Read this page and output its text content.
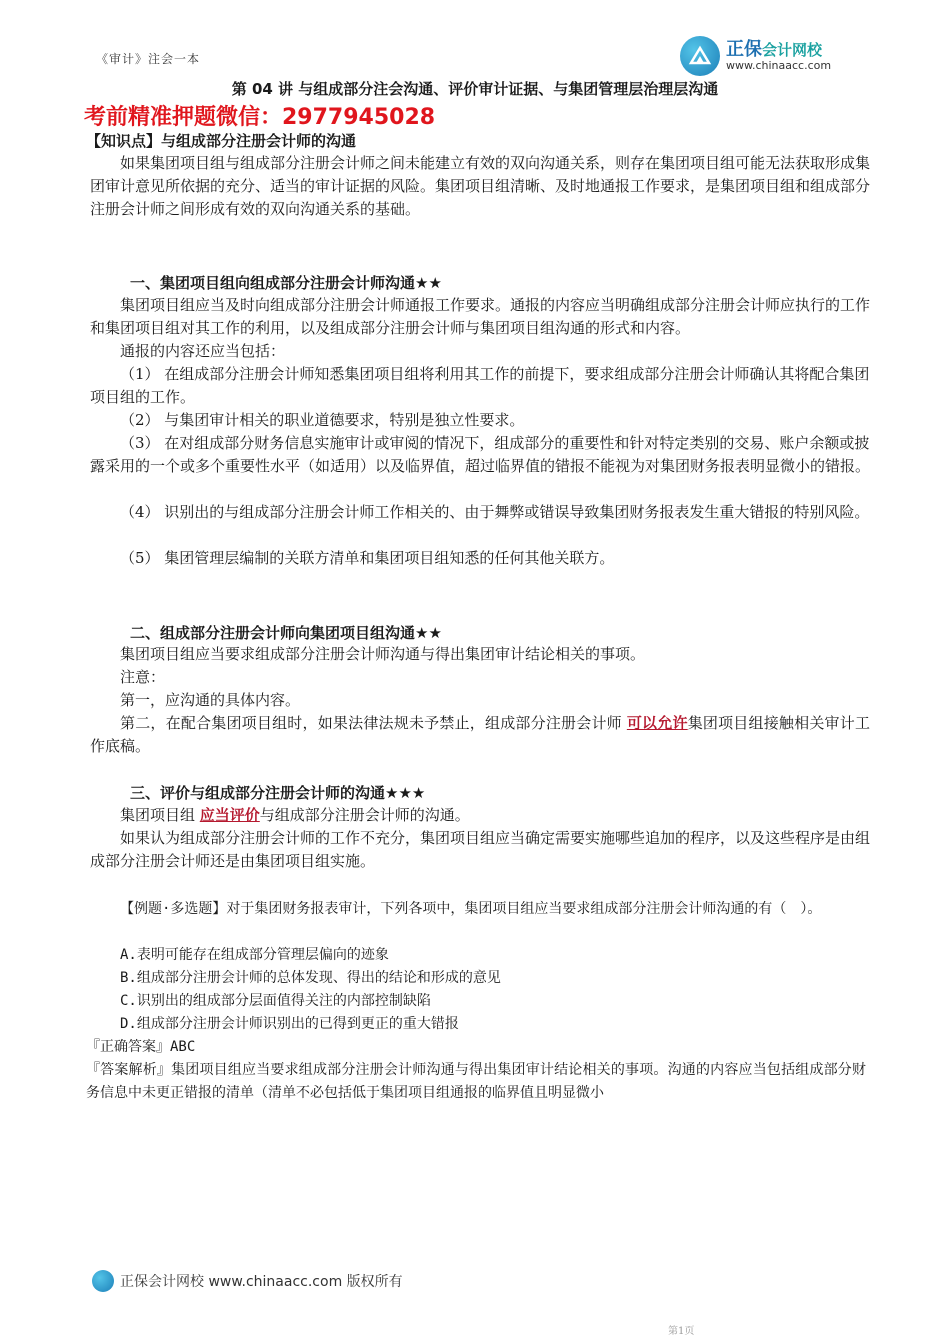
《审计》注会一本	正保会计网校
www.chinaacc.com
第 04 讲 与组成部分注会沟通、评价审计证据、与集团管理层治理层沟通
考前精准押题微信：2977945028
【知识点】与组成部分注册会计师的沟通
如果集团项目组与组成部分注册会计师之间未能建立有效的双向沟通关系，则存在集团项目组可能无法获取形成集团审计意见所依据的充分、适当的审计证据的风险。集团项目组清晰、及时地通报工作要求，是集团项目组和组成部分注册会计师之间形成有效的双向沟通关系的基础。
一、集团项目组向组成部分注册会计师沟通★★
集团项目组应当及时向组成部分注册会计师通报工作要求。通报的内容应当明确组成部分注册会计师应执行的工作和集团项目组对其工作的利用，以及组成部分注册会计师与集团项目组沟通的形式和内容。
通报的内容还应当包括：
（1） 在组成部分注册会计师知悉集团项目组将利用其工作的前提下，要求组成部分注册会计师确认其将配合集团项目组的工作。
（2） 与集团审计相关的职业道德要求，特别是独立性要求。
（3） 在对组成部分财务信息实施审计或审阅的情况下，组成部分的重要性和针对特定类别的交易、账户余额或披露采用的一个或多个重要性水平（如适用）以及临界值，超过临界值的错报不能视为对集团财务报表明显微小的错报。
（4） 识别出的与组成部分注册会计师工作相关的、由于舞弊或错误导致集团财务报表发生重大错报的特别风险。
（5） 集团管理层编制的关联方清单和集团项目组知悉的任何其他关联方。
二、组成部分注册会计师向集团项目组沟通★★
集团项目组应当要求组成部分注册会计师沟通与得出集团审计结论相关的事项。
注意：
第一，应沟通的具体内容。
第二，在配合集团项目组时，如果法律法规未予禁止，组成部分注册会计师 可以允许集团项目组接触相关审计工作底稿。
三、评价与组成部分注册会计师的沟通★★★
集团项目组 应当评价与组成部分注册会计师的沟通。
如果认为组成部分注册会计师的工作不充分，集团项目组应当确定需要实施哪些追加的程序，以及这些程序是由组成部分注册会计师还是由集团项目组实施。
【例题·多选题】对于集团财务报表审计，下列各项中，集团项目组应当要求组成部分注册会计师沟通的有（　）。
A.表明可能存在组成部分管理层偏向的迹象
B.组成部分注册会计师的总体发现、得出的结论和形成的意见
C.识别出的组成部分层面值得关注的内部控制缺陷
D.组成部分注册会计师识别出的已得到更正的重大错报
『正确答案』ABC
『答案解析』集团项目组应当要求组成部分注册会计师沟通与得出集团审计结论相关的事项。沟通的内容应当包括组成部分财务信息中未更正错报的清单（清单不必包括低于集团项目组通报的临界值且明显微小
正保会计网校 www.chinaacc.com 版权所有
第1页
